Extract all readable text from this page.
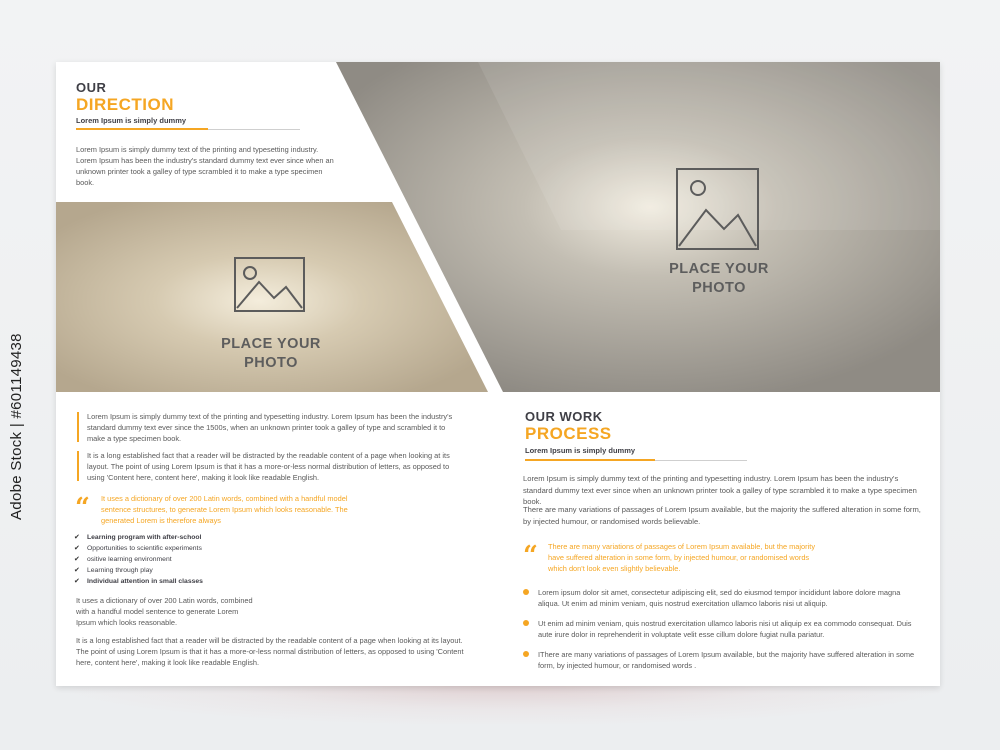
PLACE YOUR
PHOTO
PLACE YOUR
PHOTO
OUR
DIRECTION
Lorem Ipsum is simply dummy
Lorem Ipsum is simply dummy text of the printing and typesetting industry. Lorem Ipsum has been the industry's standard dummy text ever since when an unknown printer took a galley of type scrambled it to make a type specimen book.
Lorem Ipsum is simply dummy text of the printing and typesetting industry. Lorem Ipsum has been the industry's standard dummy text ever since the 1500s, when an unknown printer took a galley of type and scrambled it to make a type specimen book.
It is a long established fact that a reader will be distracted by the readable content of a page when looking at its layout. The point of using Lorem Ipsum is that it has a more-or-less normal distribution of letters, as opposed to using 'Content here, content here', making it look like readable English.
“ It uses a dictionary of over 200 Latin words, combined with a handful model sentence structures, to generate Lorem Ipsum which looks reasonable. The generated Lorem is therefore always
✔	Learning program with after-school
✔	Opportunities to scientific experiments
✔	ositive learning environment
✔	Learning through play
✔	Individual attention in small classes
It uses a dictionary of over 200 Latin words, combined with a handful model sentence to generate Lorem Ipsum which looks reasonable.
It is a long established fact that a reader will be distracted by the readable content of a page when looking at its layout. The point of using Lorem Ipsum is that it has a more-or-less normal distribution of letters, as opposed to using 'Content here, content here', making it look like readable English.
OUR WORK
PROCESS
Lorem Ipsum is simply dummy
Lorem Ipsum is simply dummy text of the printing and typesetting industry. Lorem Ipsum has been the industry's standard dummy text ever since when an unknown printer took a galley of type scrambled it to make a type specimen book.
There are many variations of passages of Lorem Ipsum available, but the majority the suffered alteration in some form, by injected humour, or randomised words believable.
“ There are many variations of passages of Lorem Ipsum available, but the majority have suffered alteration in some form, by injected humour, or randomised words which don't look even slightly believable.
Lorem ipsum dolor sit amet, consectetur adipiscing elit, sed do eiusmod tempor incididunt labore dolore magna aliqua. Ut enim ad minim veniam, quis nostrud exercitation ullamco laboris nisi ut aliquip.
Ut enim ad minim veniam, quis nostrud exercitation ullamco laboris nisi ut aliquip ex ea commodo consequat. Duis aute irure dolor in reprehenderit in voluptate velit esse cillum dolore fugiat nulla pariatur.
IThere are many variations of passages of Lorem Ipsum available, but the majority have suffered alteration in some form, by injected humour, or randomised words .
Adobe Stock | #601149438
